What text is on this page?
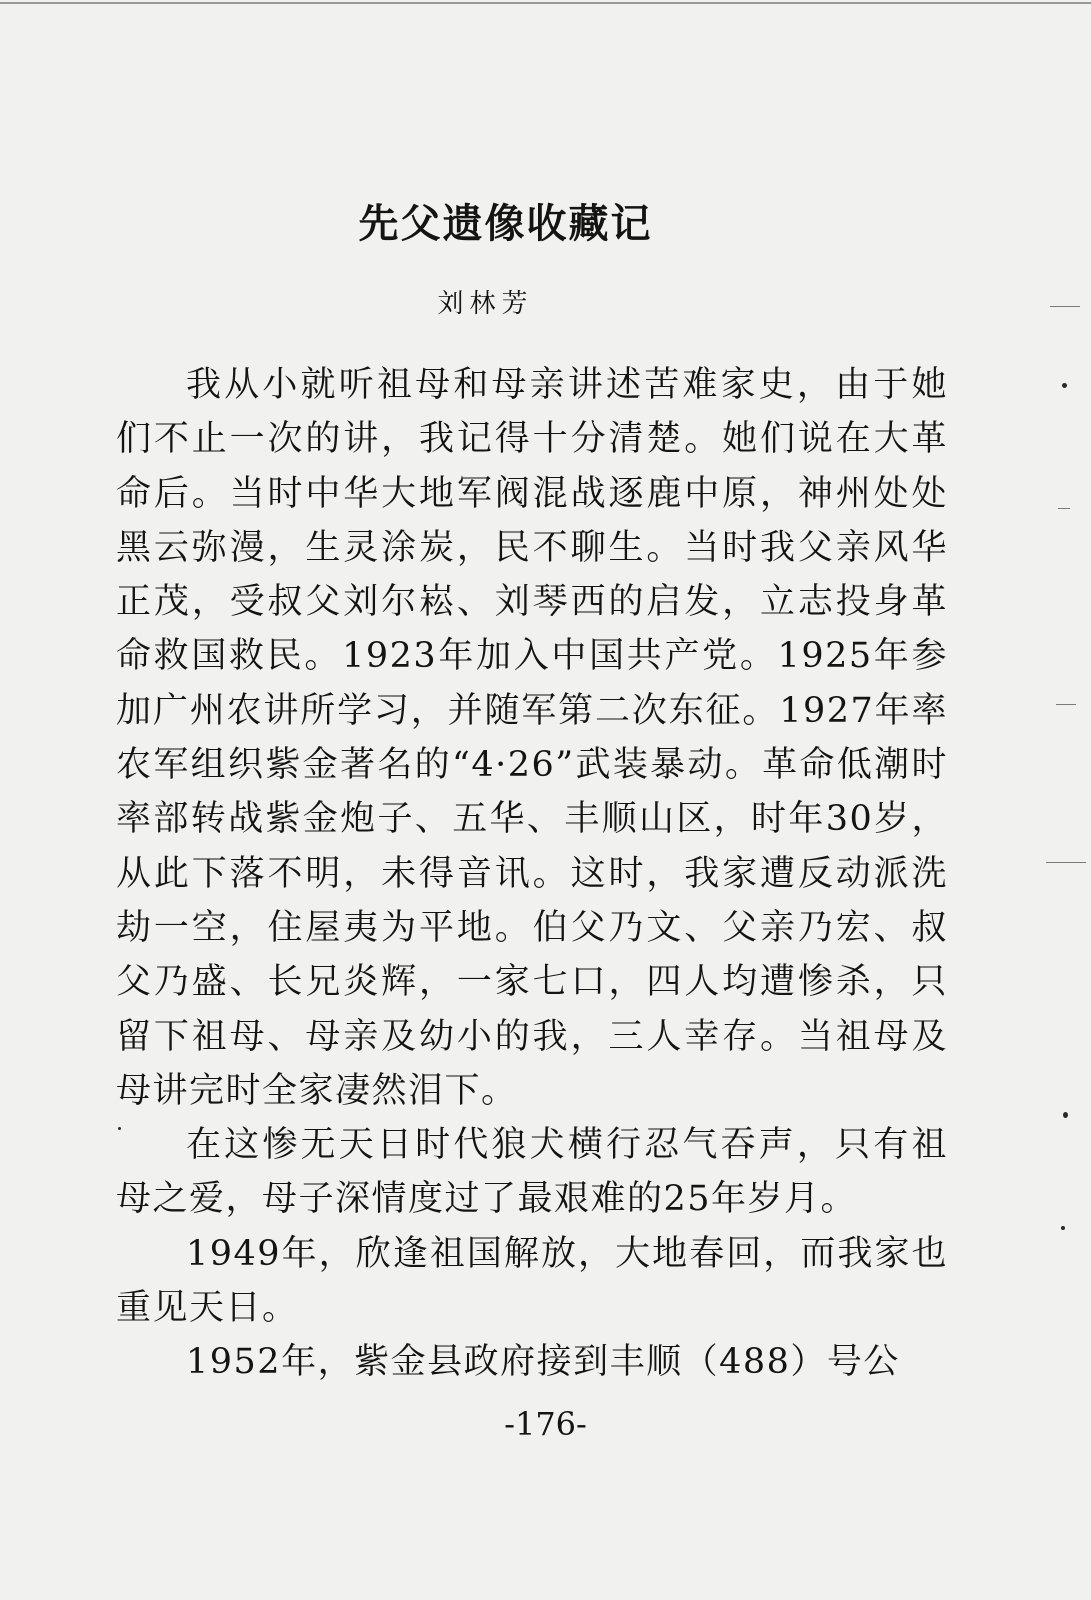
先父遗像收藏记
刘林芳

我从小就听祖母和母亲讲述苦难家史，由于她们不止一次的讲，我记得十分清楚。她们说在大革命后。当时中华大地军阀混战逐鹿中原，神州处处黑云弥漫，生灵涂炭，民不聊生。当时我父亲风华正茂，受叔父刘尔崧、刘琴西的启发，立志投身革命救国救民。1923年加入中国共产党。1925年参加广州农讲所学习，并随军第二次东征。1927年率农军组织紫金著名的“4·26”武装暴动。革命低潮时率部转战紫金炮子、五华、丰顺山区，时年30岁，从此下落不明，未得音讯。这时，我家遭反动派洗劫一空，住屋夷为平地。伯父乃文、父亲乃宏、叔父乃盛、长兄炎辉，一家七口，四人均遭惨杀，只留下祖母、母亲及幼小的我，三人幸存。当祖母及母讲完时全家凄然泪下。

在这惨无天日时代狼犬横行忍气吞声，只有祖母之爱，母子深情度过了最艰难的25年岁月。

1949年，欣逢祖国解放，大地春回，而我家也重见天日。

1952年，紫金县政府接到丰顺（488）号公

-176-
